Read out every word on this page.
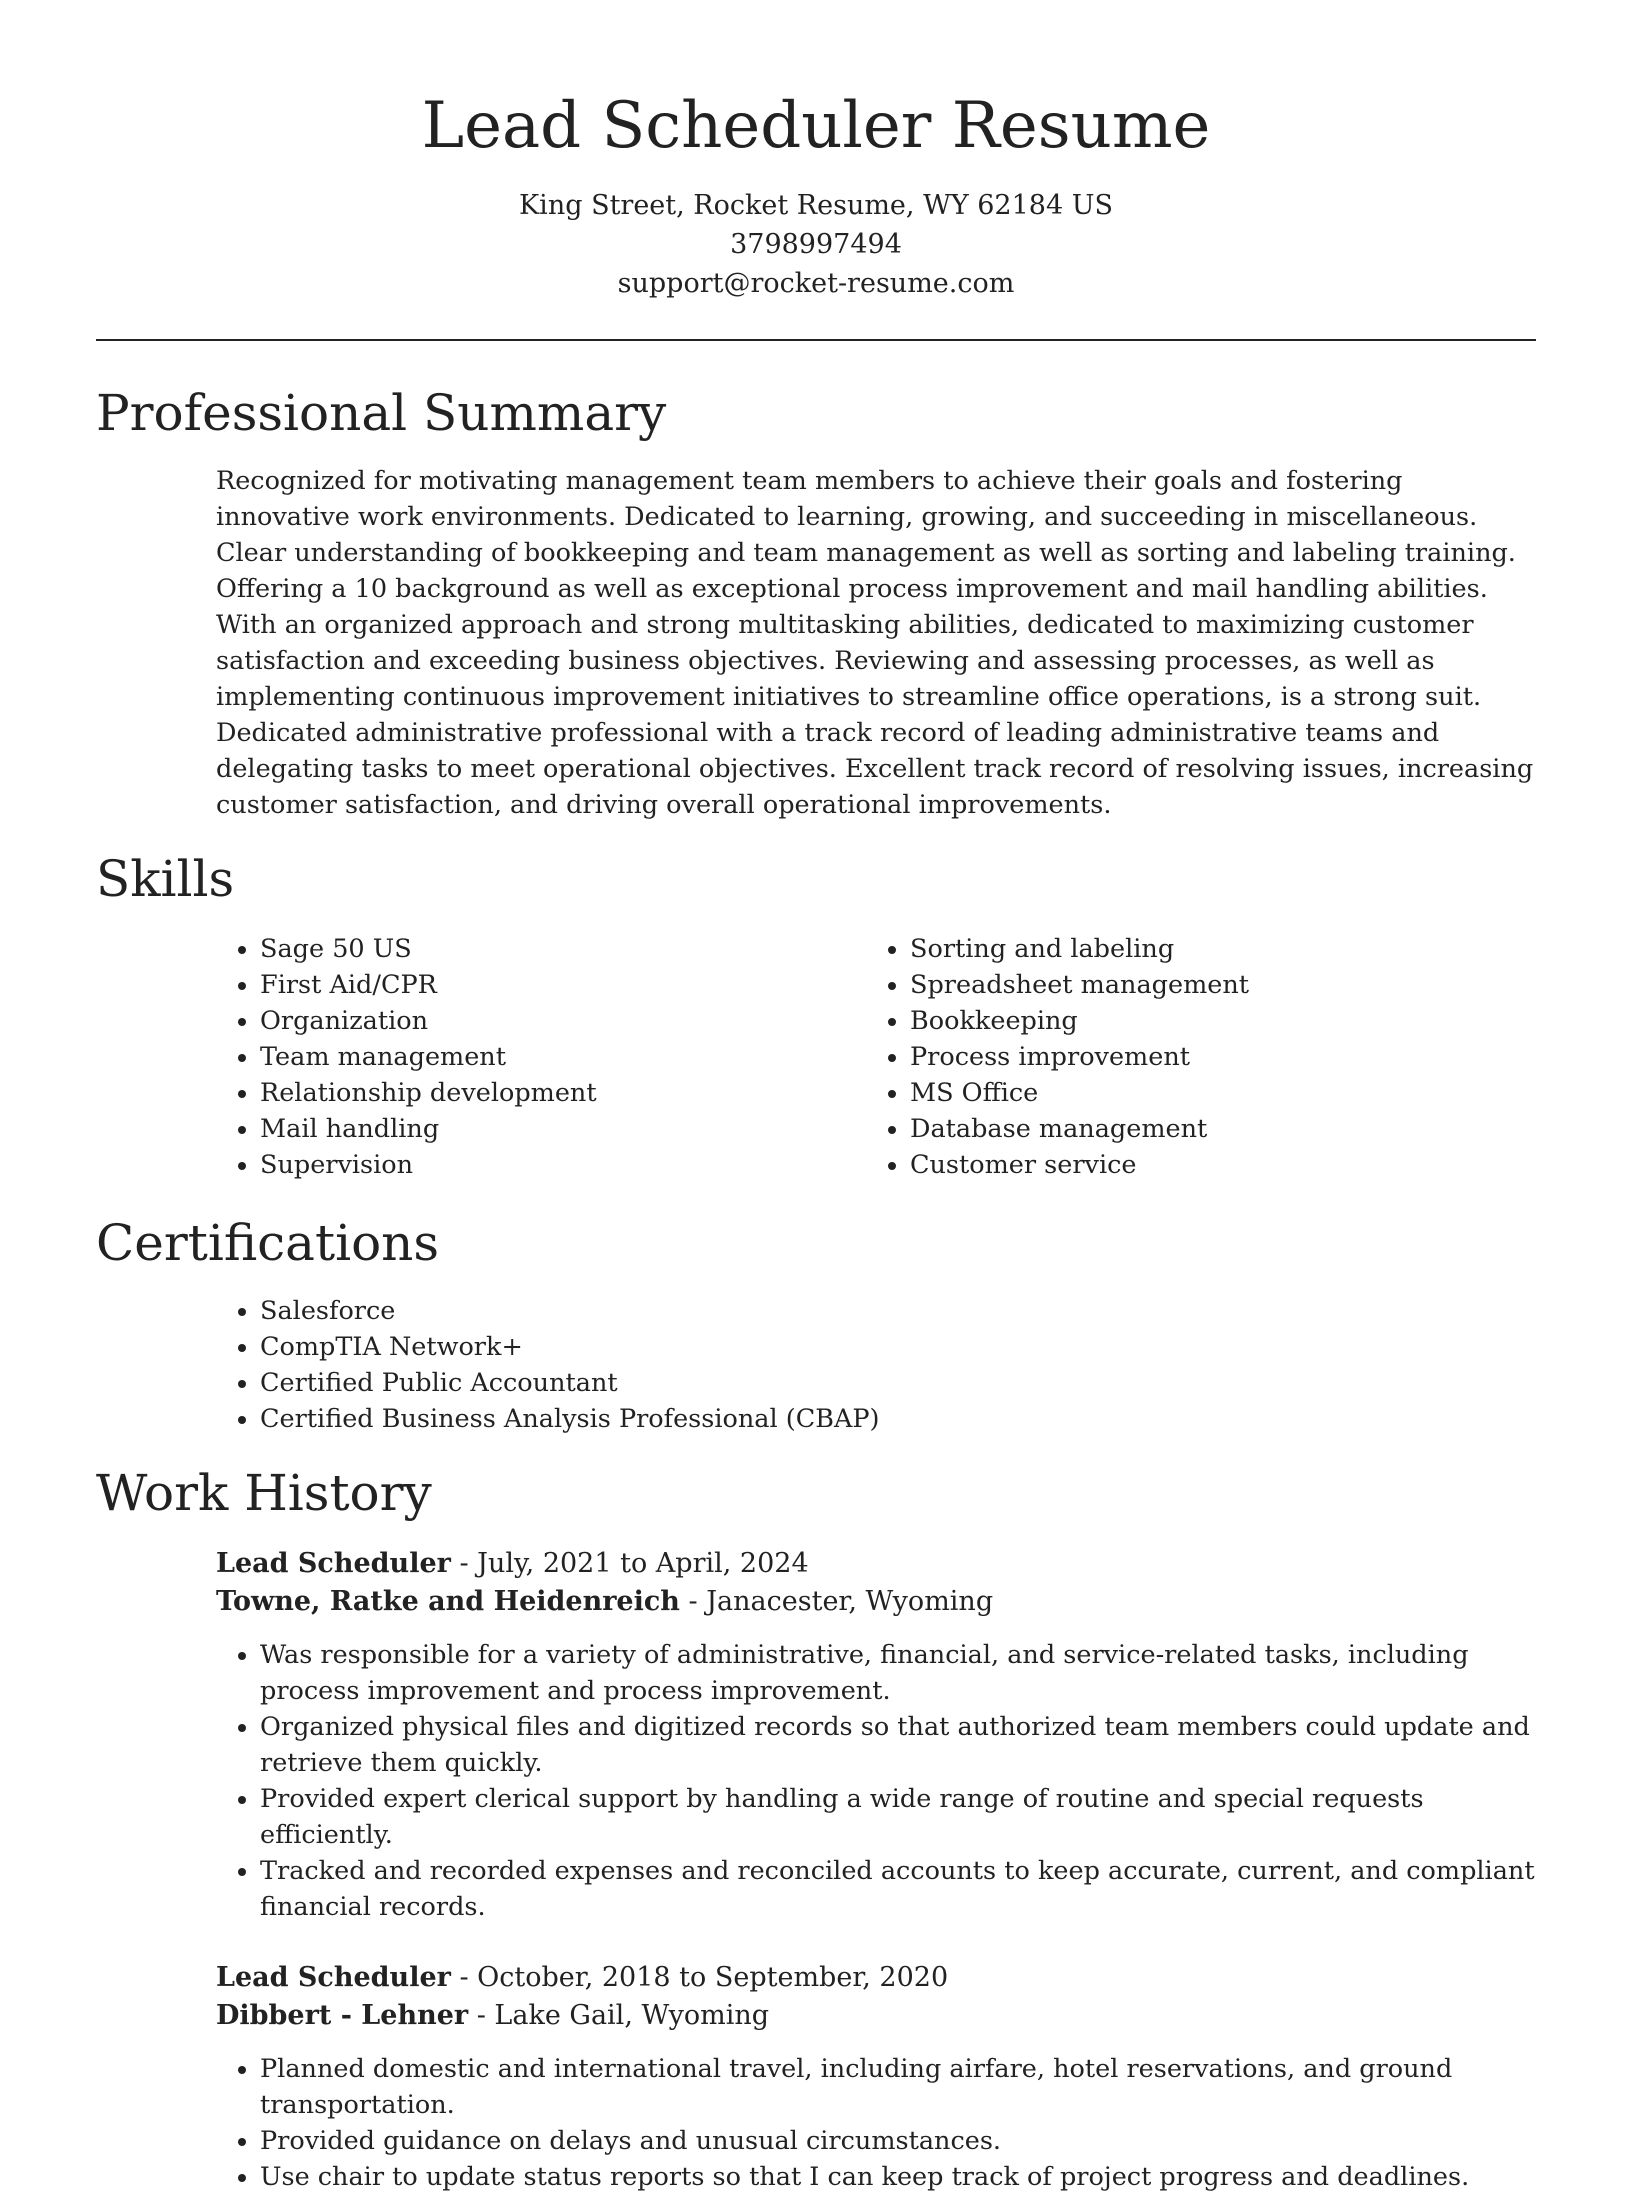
Lead Scheduler Resume
King Street, Rocket Resume, WY 62184 US
3798997494
support@rocket-resume.com
Professional Summary

Recognized for motivating management team members to achieve their goals and fostering innovative work environments. Dedicated to learning, growing, and succeeding in miscellaneous. Clear understanding of bookkeeping and team management as well as sorting and labeling training. Offering a 10 background as well as exceptional process improvement and mail handling abilities. With an organized approach and strong multitasking abilities, dedicated to maximizing customer satisfaction and exceeding business objectives. Reviewing and assessing processes, as well as implementing continuous improvement initiatives to streamline office operations, is a strong suit. Dedicated administrative professional with a track record of leading administrative teams and delegating tasks to meet operational objectives. Excellent track record of resolving issues, increasing customer satisfaction, and driving overall operational improvements.

Skills
• Sage 50 US
• First Aid/CPR
• Organization
• Team management
• Relationship development
• Mail handling
• Supervision
• Sorting and labeling
• Spreadsheet management
• Bookkeeping
• Process improvement
• MS Office
• Database management
• Customer service
Certifications
• Salesforce
• CompTIA Network+
• Certified Public Accountant
• Certified Business Analysis Professional (CBAP)
Work History
Lead Scheduler - July, 2021 to April, 2024
Towne, Ratke and Heidenreich - Janacester, Wyoming
• Was responsible for a variety of administrative, financial, and service-related tasks, including process improvement and process improvement.
• Organized physical files and digitized records so that authorized team members could update and retrieve them quickly.
• Provided expert clerical support by handling a wide range of routine and special requests efficiently.
• Tracked and recorded expenses and reconciled accounts to keep accurate, current, and compliant financial records.
Lead Scheduler - October, 2018 to September, 2020
Dibbert - Lehner - Lake Gail, Wyoming
• Planned domestic and international travel, including airfare, hotel reservations, and ground transportation.
• Provided guidance on delays and unusual circumstances.
• Use chair to update status reports so that I can keep track of project progress and deadlines.
